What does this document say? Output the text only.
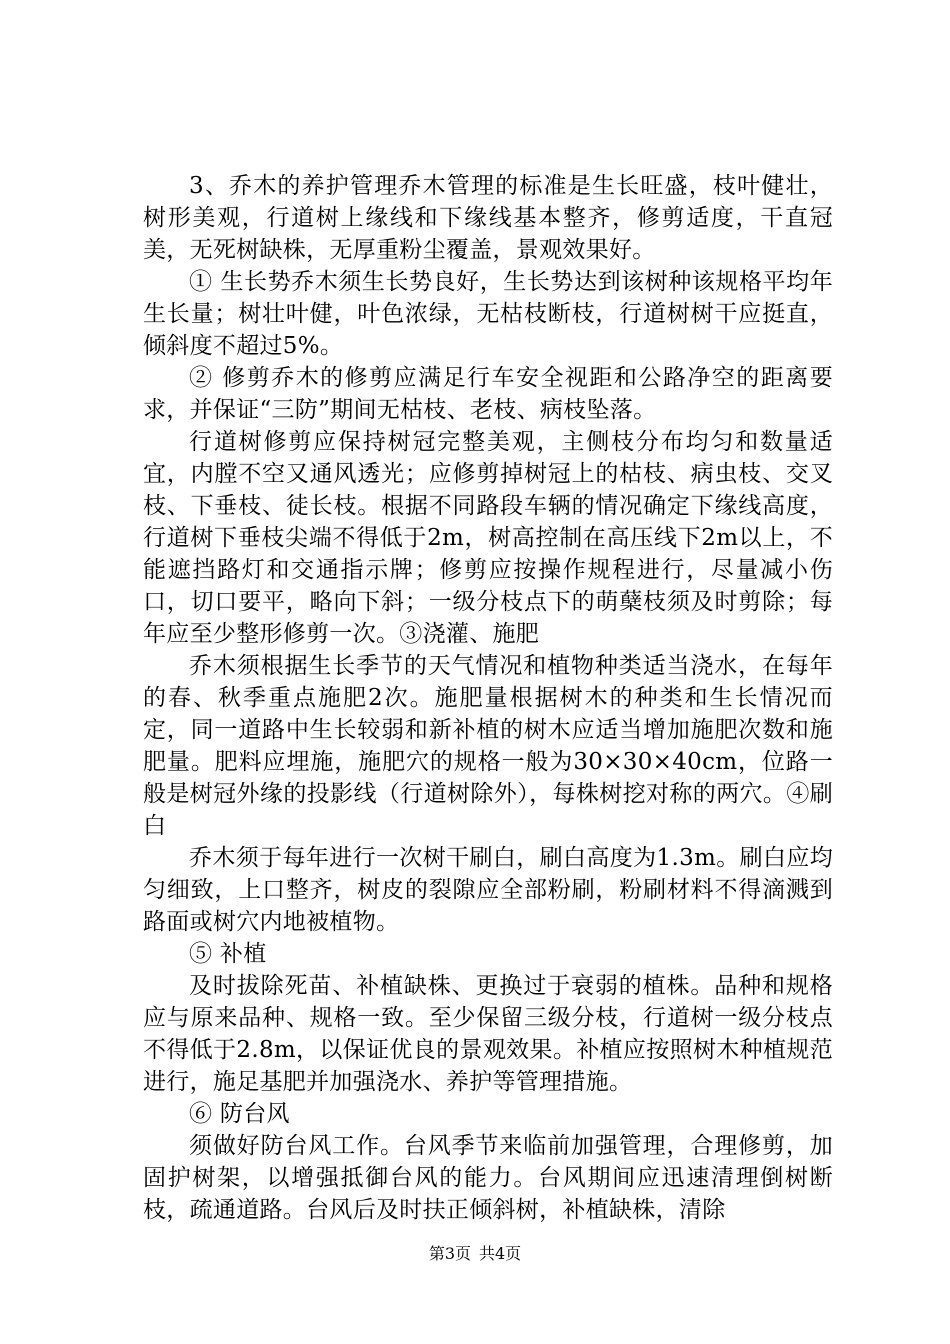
3、乔木的养护管理乔木管理的标准是生长旺盛，枝叶健壮，树形美观，行道树上缘线和下缘线基本整齐，修剪适度，干直冠美，无死树缺株，无厚重粉尘覆盖，景观效果好。

① 生长势乔木须生长势良好，生长势达到该树种该规格平均年生长量；树壮叶健，叶色浓绿，无枯枝断枝，行道树树干应挺直，倾斜度不超过5%。

② 修剪乔木的修剪应满足行车安全视距和公路净空的距离要求，并保证“三防”期间无枯枝、老枝、病枝坠落。

行道树修剪应保持树冠完整美观，主侧枝分布均匀和数量适宜，内膛不空又通风透光；应修剪掉树冠上的枯枝、病虫枝、交叉枝、下垂枝、徒长枝。根据不同路段车辆的情况确定下缘线高度，行道树下垂枝尖端不得低于2m，树高控制在高压线下2m以上，不能遮挡路灯和交通指示牌；修剪应按操作规程进行，尽量减小伤口，切口要平，略向下斜；一级分枝点下的萌蘖枝须及时剪除；每年应至少整形修剪一次。③浇灌、施肥

乔木须根据生长季节的天气情况和植物种类适当浇水，在每年的春、秋季重点施肥2次。施肥量根据树木的种类和生长情况而定，同一道路中生长较弱和新补植的树木应适当增加施肥次数和施肥量。肥料应埋施，施肥穴的规格一般为30×30×40cm，位路一般是树冠外缘的投影线（行道树除外），每株树挖对称的两穴。④刷白

乔木须于每年进行一次树干刷白，刷白高度为1.3m。刷白应均匀细致，上口整齐，树皮的裂隙应全部粉刷，粉刷材料不得滴溅到路面或树穴内地被植物。

⑤ 补植

及时拔除死苗、补植缺株、更换过于衰弱的植株。品种和规格应与原来品种、规格一致。至少保留三级分枝，行道树一级分枝点不得低于2.8m，以保证优良的景观效果。补植应按照树木种植规范进行，施足基肥并加强浇水、养护等管理措施。

⑥ 防台风

须做好防台风工作。台风季节来临前加强管理，合理修剪，加固护树架，以增强抵御台风的能力。台风期间应迅速清理倒树断枝，疏通道路。台风后及时扶正倾斜树，补植缺株，清除

第3页 共4页
